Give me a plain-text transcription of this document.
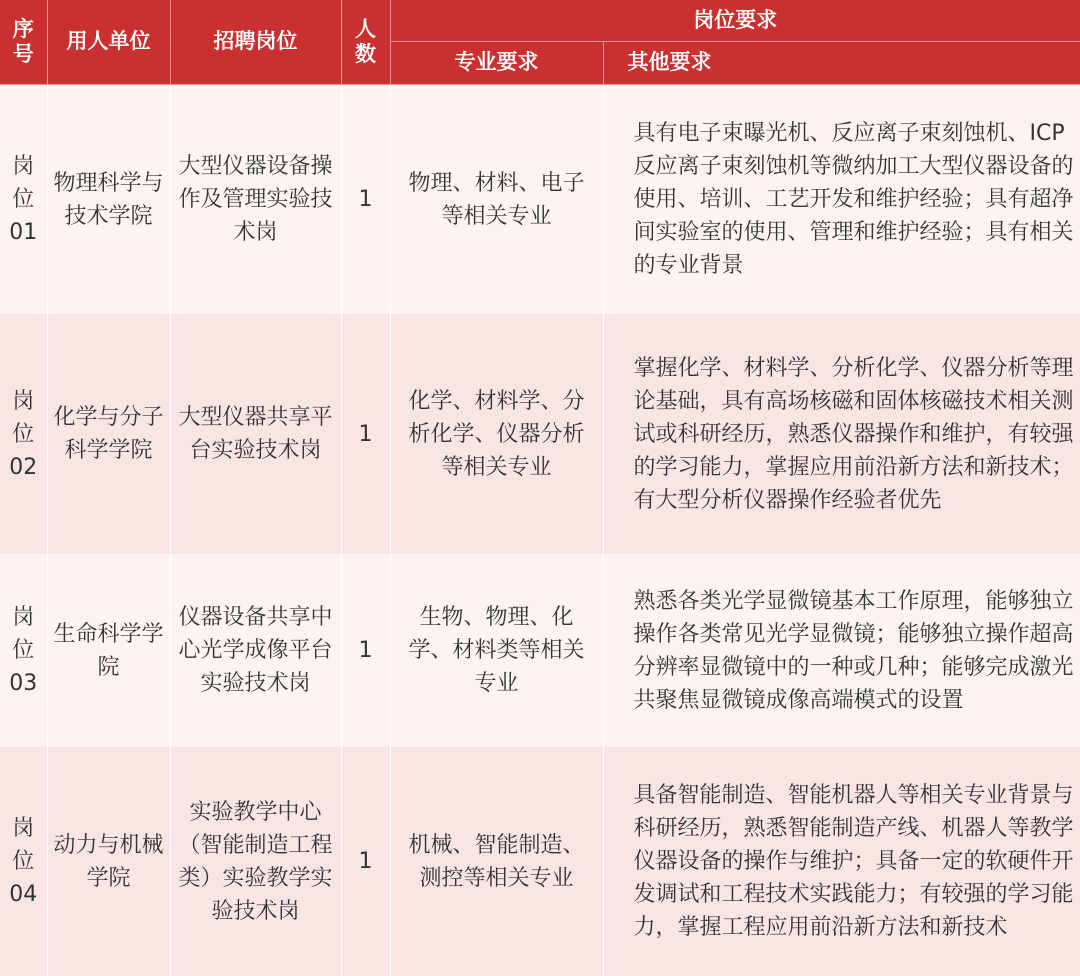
序号	用人单位	招聘岗位	人数	岗位要求	
				专业要求	其他要求
岗位01	物理科学与技术学院	大型仪器设备操作及管理实验技术岗	1	物理、材料、电子等相关专业	具有电子束曝光机、反应离子束刻蚀机、ICP反应离子束刻蚀机等微纳加工大型仪器设备的使用、培训、工艺开发和维护经验；具有超净间实验室的使用、管理和维护经验；具有相关的专业背景
岗位02	化学与分子科学学院	大型仪器共享平台实验技术岗	1	化学、材料学、分析化学、仪器分析等相关专业	掌握化学、材料学、分析化学、仪器分析等理论基础，具有高场核磁和固体核磁技术相关测试或科研经历，熟悉仪器操作和维护，有较强的学习能力，掌握应用前沿新方法和新技术；有大型分析仪器操作经验者优先
岗位03	生命科学学院	仪器设备共享中心光学成像平台实验技术岗	1	生物、物理、化学、材料类等相关专业	熟悉各类光学显微镜基本工作原理，能够独立操作各类常见光学显微镜；能够独立操作超高分辨率显微镜中的一种或几种；能够完成激光共聚焦显微镜成像高端模式的设置
岗位04	动力与机械学院	实验教学中心（智能制造工程类）实验教学实验技术岗	1	机械、智能制造、测控等相关专业	具备智能制造、智能机器人等相关专业背景与科研经历，熟悉智能制造产线、机器人等教学仪器设备的操作与维护；具备一定的软硬件开发调试和工程技术实践能力；有较强的学习能力，掌握工程应用前沿新方法和新技术
